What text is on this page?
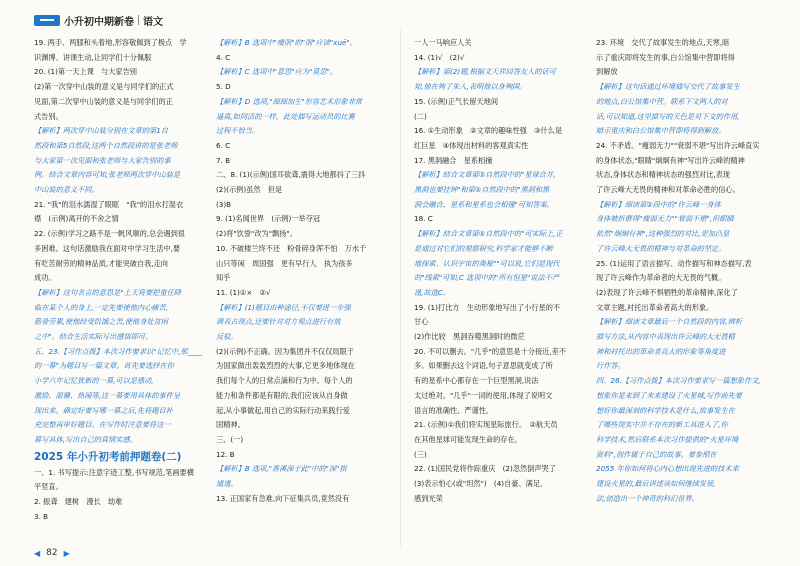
小升初中期新卷 语文

19. 两手、两膝和头着地,形容敬佩到了极点　学

识渊博、讲课生动,让同学们十分佩服

20. (1)第一天上课　与大家告别

(2)第一次穿中山装的意义是与同学们的正式

见面,第二次穿中山装的意义是与同学们的正

式告别。

【解析】两次穿中山装分别在文章的第1自

然段和第5自然段,这两个自然段讲的是张老师

与大家第一次见面和张老师与大家告别的事

例。结合文章内容可知,张老师两次穿中山装是

中山装的意义不同。

21. "我"的泪水濡湿了眼眶　"我"的泪水打湿衣

襟　(示例)离开的不舍之情

22. (示例)学习之路不是一帆风顺的,总会遇到很

多困难。这句话激励我在面对中学习生活中,要

有吃苦耐劳的精神品质,才能突破自我,走向

成功。

【解析】这句名言的意思是"上天将要把重任降

临在某个人的身上,一定先要使他内心痛苦,

筋骨劳累,使他经受饥饿之苦,使他身处贫困

之中"。结合生活实际写出感悟即可。

五、23.【习作点拨】本次习作要求以"记忆中,那____

的一幕"为题目写一篇文章。首先要选择在你

小学六年记忆犹新的一幕,可以是感动,

激励、温馨、热闹等,这一幕要用具体的事件呈

现出来。确定好要写哪一幕之后,先将题目补

充完整再审好题目。在写作时注意要将这一

幕写具体,写出自己的真情实感。

2025 年小升初考前押题卷(二)

一、1. 书写提示:注意字迹工整,书写规范,笔画要横

平竖直。

2. 振聋　建树　漫长　劫难

3. B

【解析】B 选项中"瘦削"的"削"应读"xuē"。

4. C

【解析】C 选项中"意思"应为"莫思"。

5. D

【解析】D 选项,"细细加生"形容艺术形象非常

逼真,如同活的一样。此处描写运动员的比赛

过程不恰当。

6. C

7. B

二、8. (1)(示例)国耳欲聋,震得大地都抖了三抖

(2)(示例)虽然　但是

(3)B

9. (1)名闻世界　(示例)一举夺冠

(2)将"饮誉"改为"飘扬"。

10. 不破楼兰终不还　粉骨碎身浑不怕　万水千

山只等闲　周国强　更有早行人　执为孩多

知乎

11. (1)①×　②√

【解析】(1)题目由种途径,不仅要进一步强

调表古现点,还要针对对方观点进行有效

反驳。

(2)(示例)不正确。因为集团并不仅仅局限于

为国家做出轰轰烈烈的大事,它更多地体现在

我们每个人的日常点滴和行为中。每个人的

能力和条件都是有限的,我们应该从自身做

起,从小事做起,用自己的实际行动来践行爱

国精神。

三、(一)

12. B

【解析】B 选项,"香溪深于此"中的"深"指

通透。

13. 正国家有急难,向下征集兵员,竟然没有

一人一马响应人关

14. (1)√　(2)√

【解析】第(2)题,根据文天祥回答友人的话可

知,他在殉了朱人,表明他以身殉国。

15. (示例)正气长留天地间

(二)

16. ①生动形象　②文章的趣味性强　③什么是

红巨星　④体现出材料的客观真实性

17. 黑洞融合　星系相撞

【解析】结合文章第③自然段中的"星球合并,

黑洞也要挂钟"和第⑤自然段中的"黑洞和黑

洞会融合、星系和星系也会相撞"可知答案。

18. C

【解析】结合文章第⑤自然段中的"可实际上,正

是通过对它们的观察研究,科学家才能够不断

地探索、认识宇宙的奥秘""可以说,它们是现代

的"线索"可知,C 选项中的"所有恒星"说法不严

谨,故选C。

19. (1)打比方　生动形象地写出了小行星的不

甘心

(2)作比较　黑洞吞噬黑洞时的微茫

20. 不可以删去。"几乎"的意思是十分接近,差不

多。如果删去这个词语,句子意思就变成了所

有的星系中心都存在一个巨型黑洞,说法

太过绝对。"几乎"一词的使用,体现了说明文

语言的准确性、严谨性。

21. (示例)①我们将实现星际旅行。　②航天员

在其他星球可能发现生命的存在。

(三)

22. (1)国民党将作踪重庆　(2)忽然倒声哭了

(3)表示怕心(或"坦然")　(4)自豪、满足、

感到光荣

23. 环境　交代了故事发生的地点,天寒,暗

示了重庆即将发生的事,白公馆集中营即将得

到解放

【解析】这句话通过环境描写交代了故事发生

的地点,白公馆集中营。联系下文两人的对

话,可以知道,这里描写的天色是对下文的作用,

暗示重庆和白公馆集中营即将得到解放。

24. 不矛盾。"瘦弱无力""衰弱不堪"写出许云峰直实

的身体状态,"眼睛"炯炯有神"写出许云峰的精神

状态,身体状态和精神状态的强烈对比,表现

了许云峰大无畏的精神和对革命必胜的信心。

【解析】细读第②段中的"许云峰一身体

身体被折磨得"瘦弱无力""衰弱不堪",但眼睛

依然"炯炯有神",这种强烈的对比,更加凸显

了许云峰大无畏的精神与对革命的坚定。

25. (1)运用了语言描写、动作描写和神态描写,表

现了许云峰作为革命者的大无畏的气概。

(2)表现了许云峰不惧牺牲的革命精神,深化了

文章主题,衬托出革命者高大的形象。

【解析】细读文章最后一个自然段的内容,辨析

描写方法,从内容中表现出许云峰的大无畏精

神和衬托出的革命者高大的形象等角度进

行作答。

四、26.【习作点拨】本次习作要求写一篇想象作文,

想象你是来到了未来建设了火星城,写作前先要

想好你最深刻的科学技术是什么,故事发生在

了哪些现实中并不存在的新工具进入了,你

科学技术,然后联系本次习作提供的"火星环境

资料",创作属于自己的故事。要参照在

2055 年你如何将心内心想出现先进的技术来

建设火星的,最后讲述该如何继续发展,

法,创造出一个神奇的科幻世界。

◀ 82 ▶
